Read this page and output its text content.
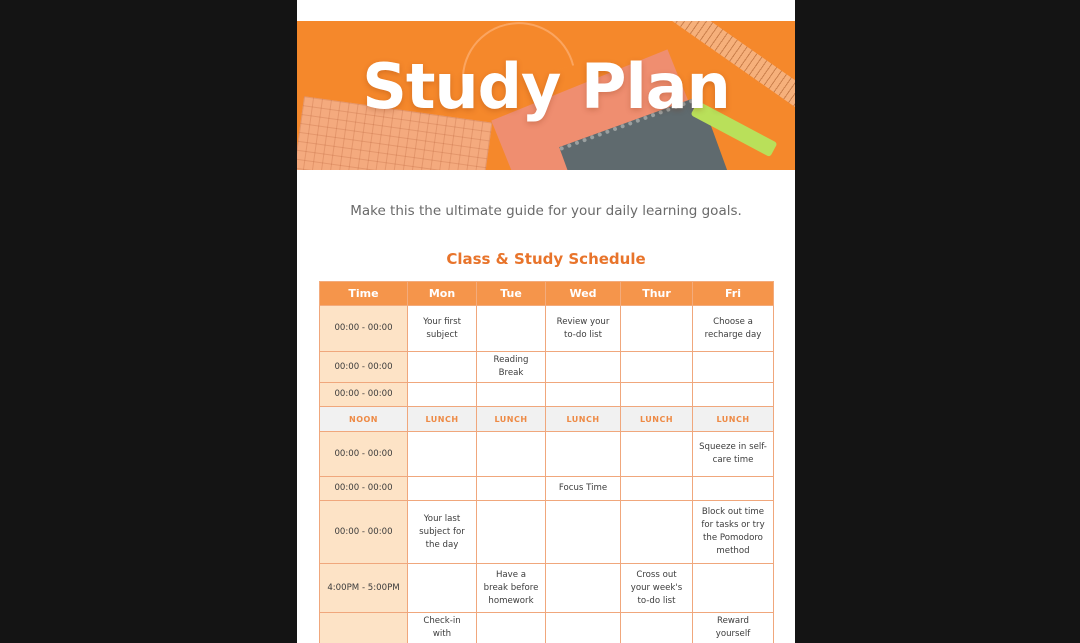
Study Plan
Make this the ultimate guide for your daily learning goals.
Class & Study Schedule
Time	Mon	Tue	Wed	Thur	Fri
00:00 - 00:00	Your first subject		Review your to-do list		Choose a recharge day
00:00 - 00:00		Reading Break			
00:00 - 00:00					
NOON	LUNCH	LUNCH	LUNCH	LUNCH	LUNCH
00:00 - 00:00					Squeeze in self-care time
00:00 - 00:00			Focus Time		
00:00 - 00:00	Your last subject for the day				Block out time for tasks or try the Pomodoro method
4:00PM - 5:00PM		Have a break before homework		Cross out your week's to-do list	
	Check-in with				Reward yourself
